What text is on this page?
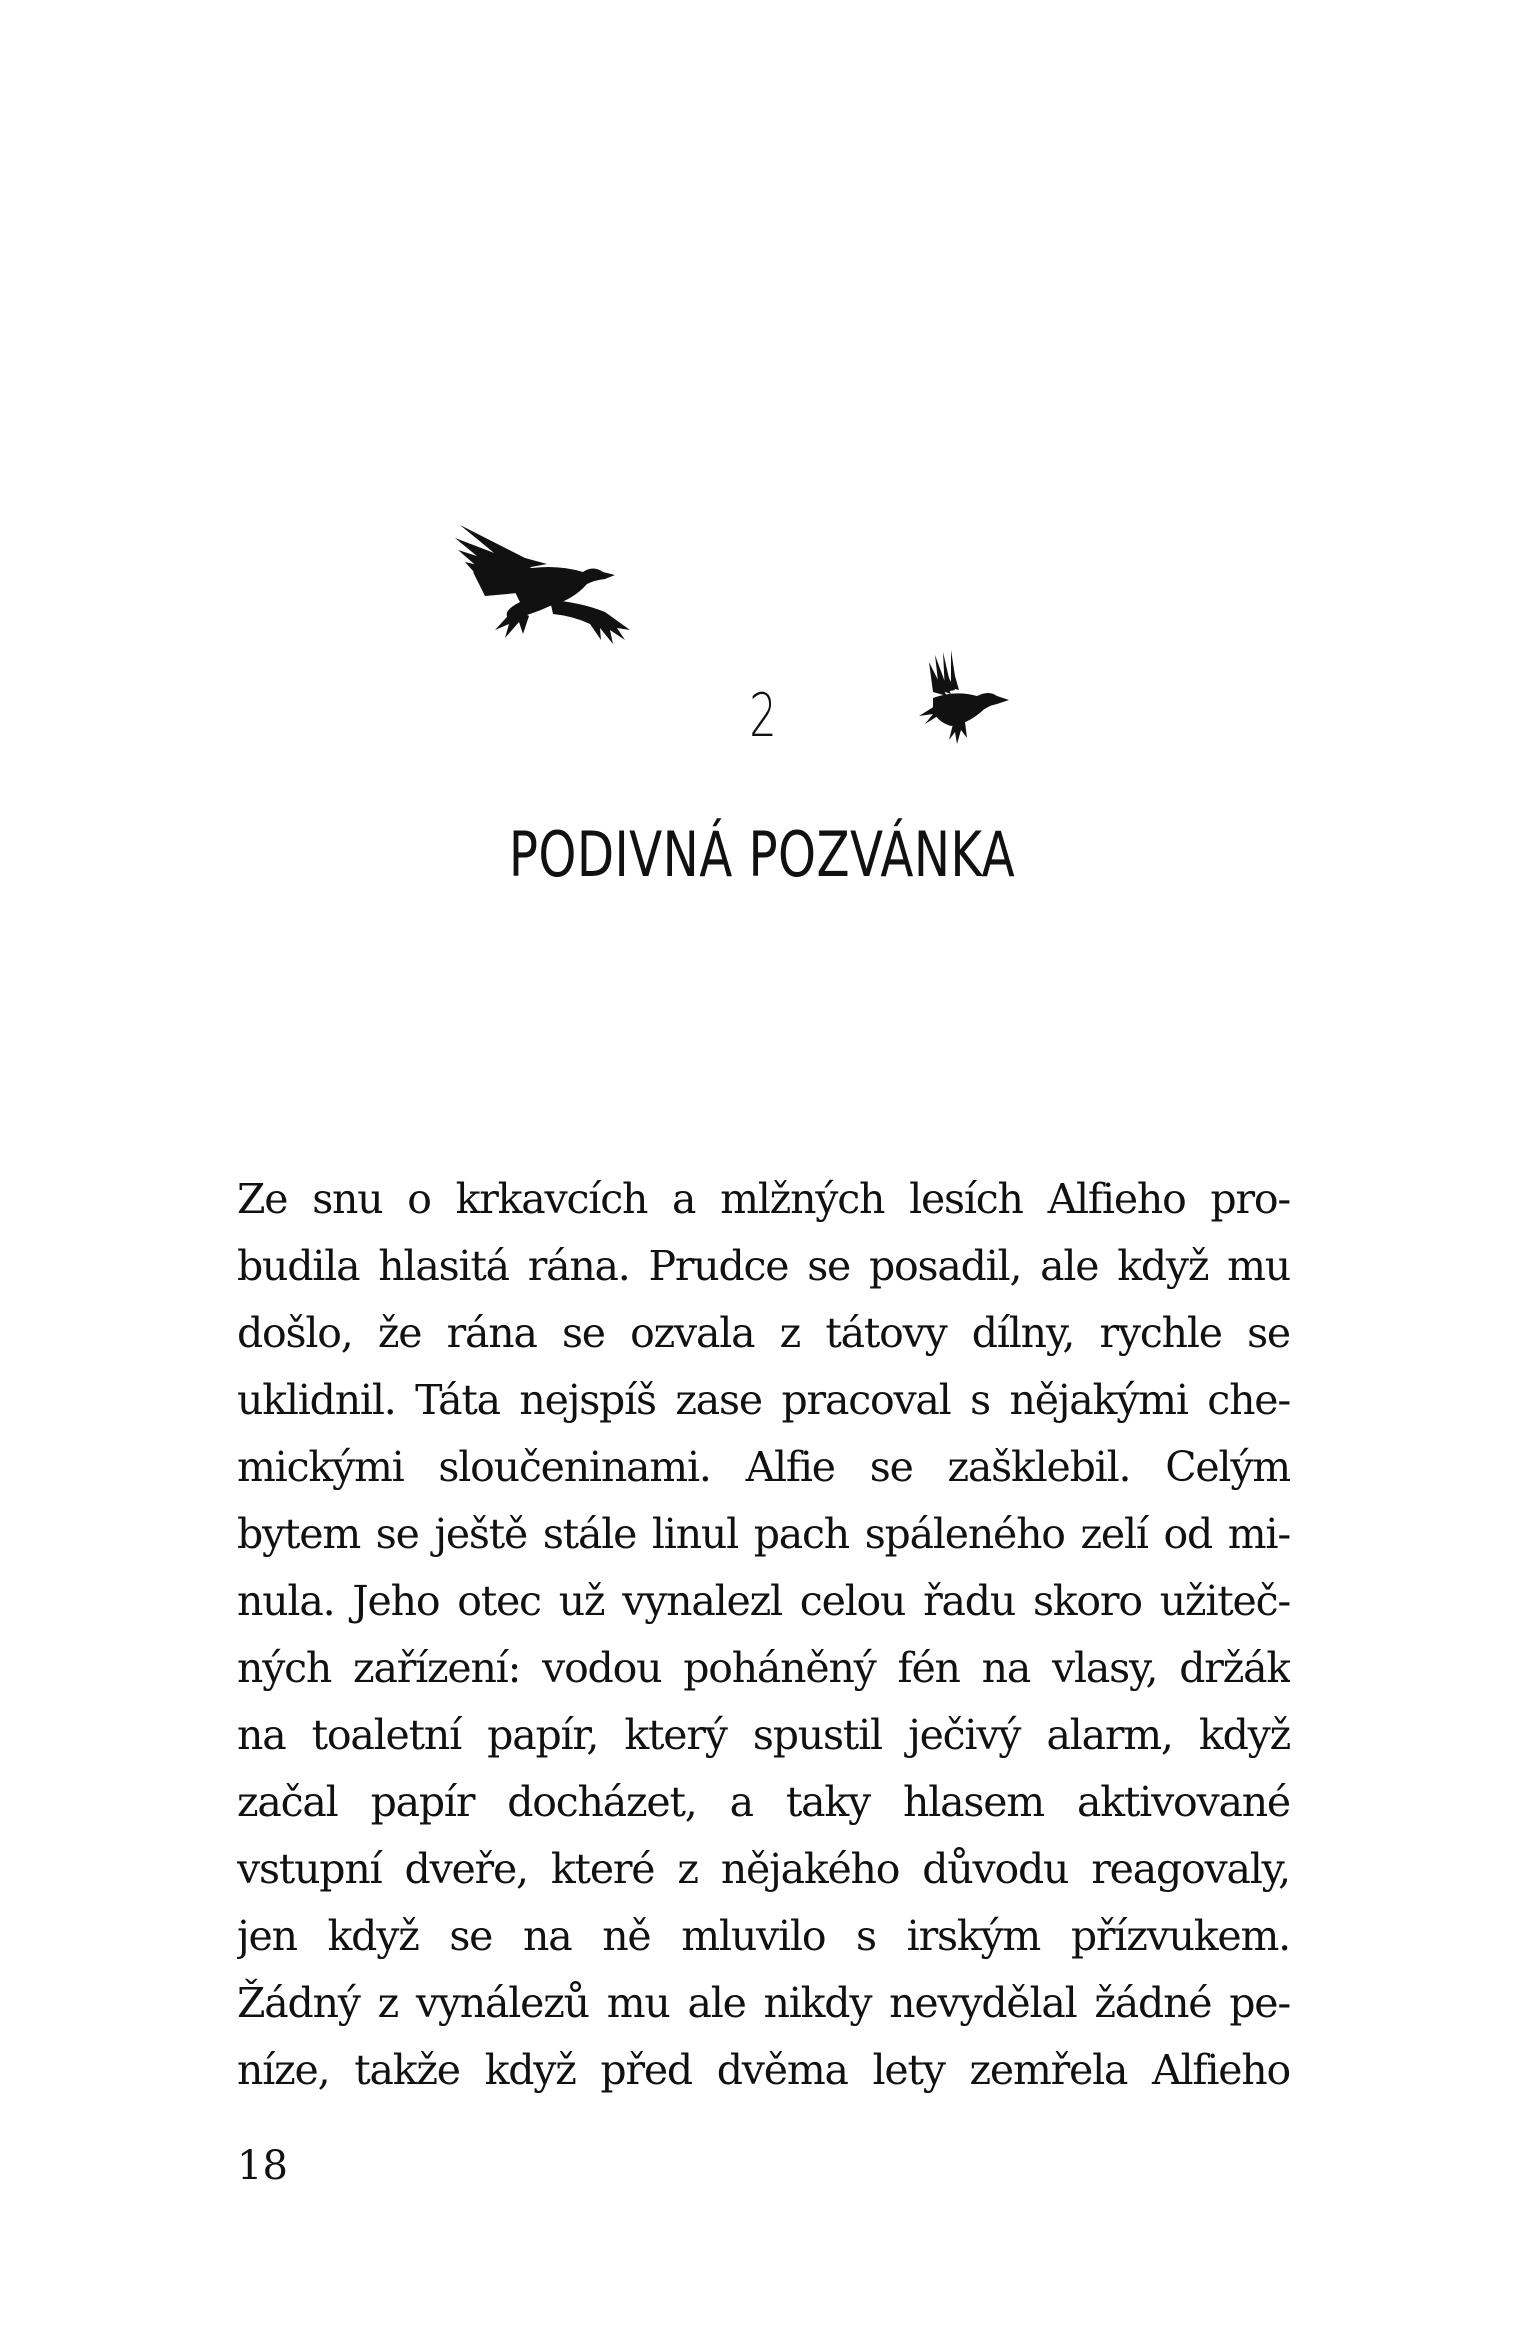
2
PODIVNÁ POZVÁNKA
Ze snu o krkavcích a mlžných lesích Alfieho pro-
budila hlasitá rána. Prudce se posadil, ale když mu
došlo, že rána se ozvala z tátovy dílny, rychle se
uklidnil. Táta nejspíš zase pracoval s nějakými che-
mickými sloučeninami. Alfie se zašklebil. Celým
bytem se ještě stále linul pach spáleného zelí od mi-
nula. Jeho otec už vynalezl celou řadu skoro užiteč-
ných zařízení: vodou poháněný fén na vlasy, držák
na toaletní papír, který spustil ječivý alarm, když
začal papír docházet, a taky hlasem aktivované
vstupní dveře, které z nějakého důvodu reagovaly,
jen když se na ně mluvilo s irským přízvukem.
Žádný z vynálezů mu ale nikdy nevydělal žádné pe-
níze, takže když před dvěma lety zemřela Alfieho
18
